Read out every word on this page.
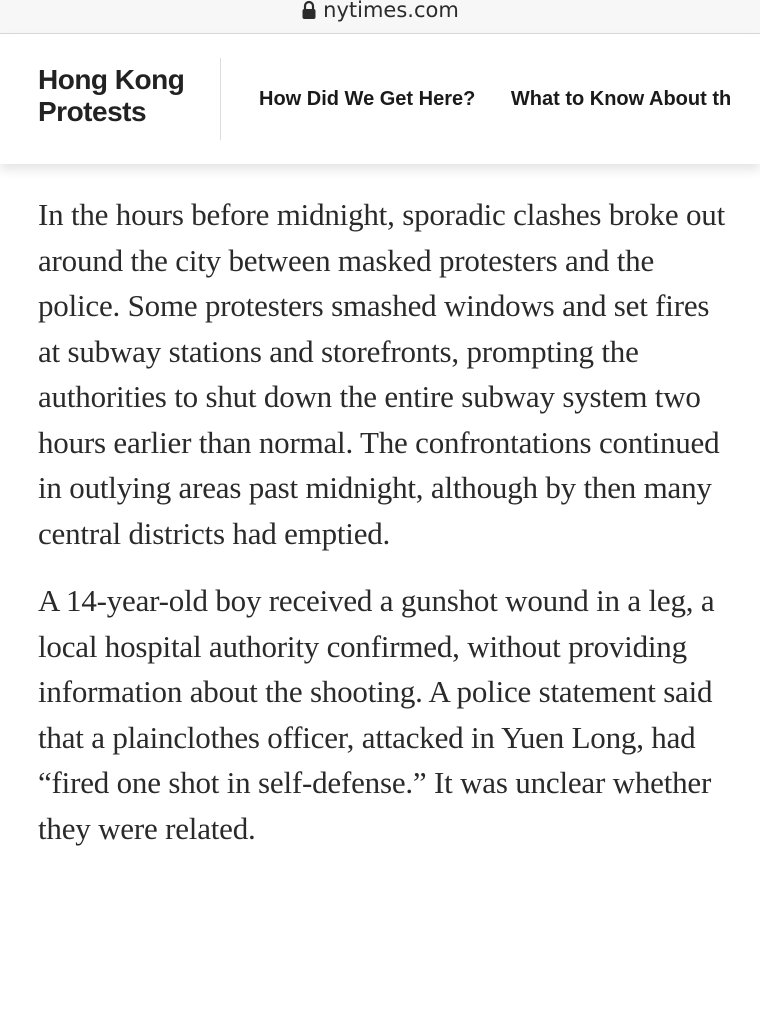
nytimes.com
Hong Kong
Protests	How Did We Get Here? What to Know About th

In the hours before midnight, sporadic clashes broke out around the city between masked protesters and the police. Some protesters smashed windows and set fires at subway stations and storefronts, prompting the authorities to shut down the entire subway system two hours earlier than normal. The confrontations continued in outlying areas past midnight, although by then many central districts had emptied.

A 14-year-old boy received a gunshot wound in a leg, a local hospital authority confirmed, without providing information about the shooting. A police statement said that a plainclothes officer, attacked in Yuen Long, had “fired one shot in self-defense.” It was unclear whether they were related.
